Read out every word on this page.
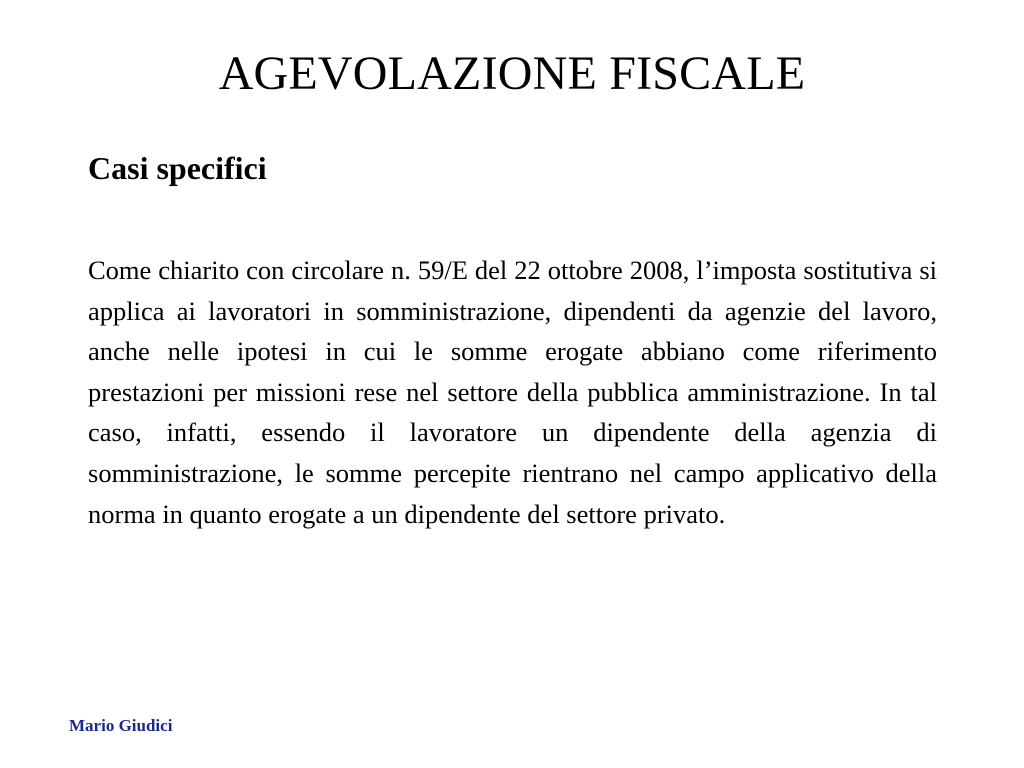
AGEVOLAZIONE FISCALE
Casi specifici

Come chiarito con circolare n. 59/E del 22 ottobre 2008, l’imposta sostitutiva si applica ai lavoratori in somministrazione, dipendenti da agenzie del lavoro, anche nelle ipotesi in cui le somme erogate abbiano come riferimento prestazioni per missioni rese nel settore della pubblica amministrazione. In tal caso, infatti, essendo il lavoratore un dipendente della agenzia di somministrazione, le somme percepite rientrano nel campo applicativo della norma in quanto erogate a un dipendente del settore privato.

Mario Giudici
